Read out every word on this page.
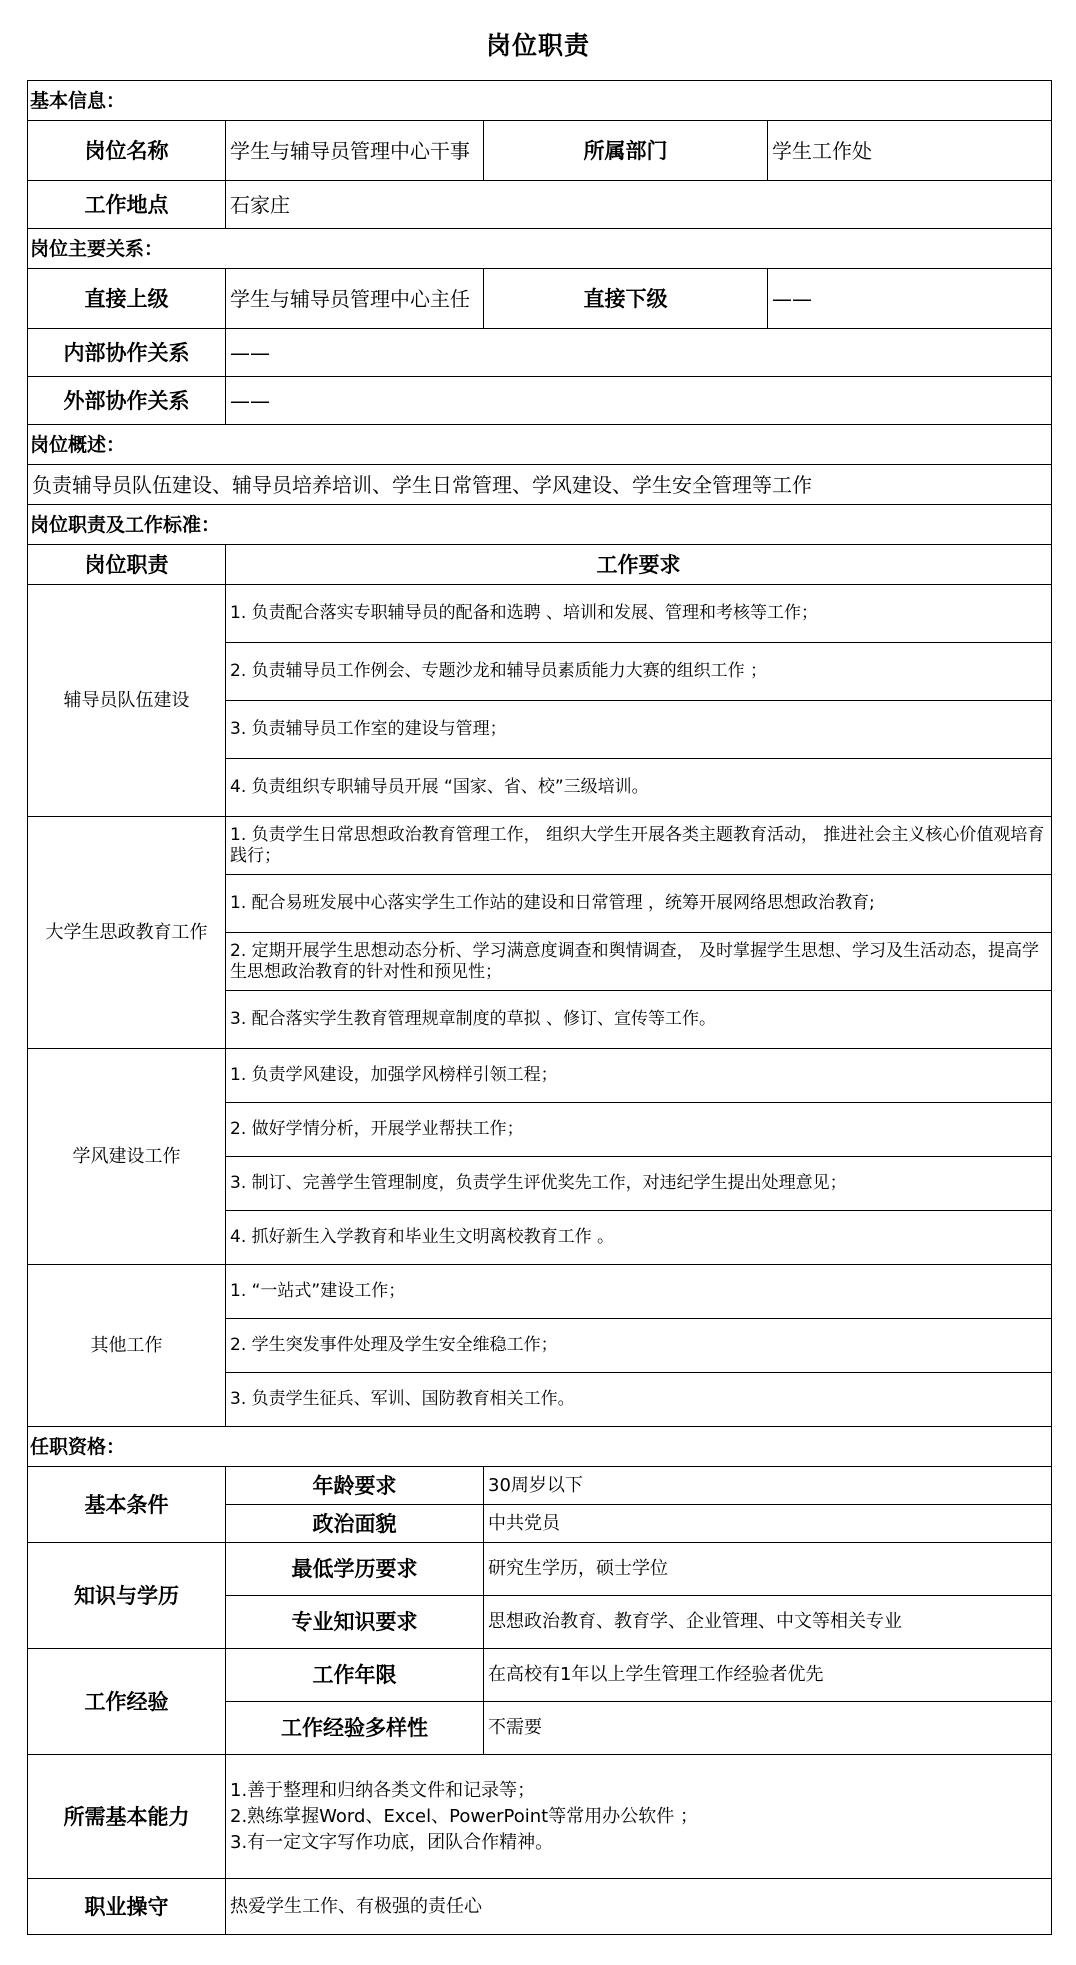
岗位职责
基本信息：			
岗位名称	学生与辅导员管理中心干事	所属部门	学生工作处
工作地点	石家庄		
岗位主要关系：			
直接上级	学生与辅导员管理中心主任	直接下级	——
内部协作关系	——		
外部协作关系	——		
岗位概述：			
负责辅导员队伍建设、辅导员培养培训、学生日常管理、学风建设、学生安全管理等工作			
岗位职责及工作标准：			
岗位职责	工作要求		
辅导员队伍建设	1. 负责配合落实专职辅导员的配备和选聘 、培训和发展、管理和考核等工作；		
	2. 负责辅导员工作例会、专题沙龙和辅导员素质能力大赛的组织工作 ；		
	3. 负责辅导员工作室的建设与管理；		
	4. 负责组织专职辅导员开展 “国家、省、校”三级培训。		
大学生思政教育工作	1. 负责学生日常思想政治教育管理工作， 组织大学生开展各类主题教育活动， 推进社会主义核心价值观培育践行；		
	1. 配合易班发展中心落实学生工作站的建设和日常管理 ，统筹开展网络思想政治教育;		
	2. 定期开展学生思想动态分析、学习满意度调查和舆情调查， 及时掌握学生思想、学习及生活动态，提高学生思想政治教育的针对性和预见性；		
	3. 配合落实学生教育管理规章制度的草拟 、修订、宣传等工作。		
学风建设工作	1. 负责学风建设，加强学风榜样引领工程；		
	2. 做好学情分析，开展学业帮扶工作；		
	3. 制订、完善学生管理制度，负责学生评优奖先工作，对违纪学生提出处理意见；		
	4. 抓好新生入学教育和毕业生文明离校教育工作 。		
其他工作	1. “一站式”建设工作；		
	2. 学生突发事件处理及学生安全维稳工作；		
	3. 负责学生征兵、军训、国防教育相关工作。		
任职资格：			
基本条件	年龄要求	30周岁以下	
	政治面貌	中共党员	
知识与学历	最低学历要求	研究生学历，硕士学位	
	专业知识要求	思想政治教育、教育学、企业管理、中文等相关专业	
工作经验	工作年限	在高校有1年以上学生管理工作经验者优先	
	工作经验多样性	不需要	
所需基本能力	1.善于整理和归纳各类文件和记录等；
2.熟练掌握Word、Excel、PowerPoint等常用办公软件 ；
3.有一定文字写作功底，团队合作精神。		

职业操守	热爱学生工作、有极强的责任心		
